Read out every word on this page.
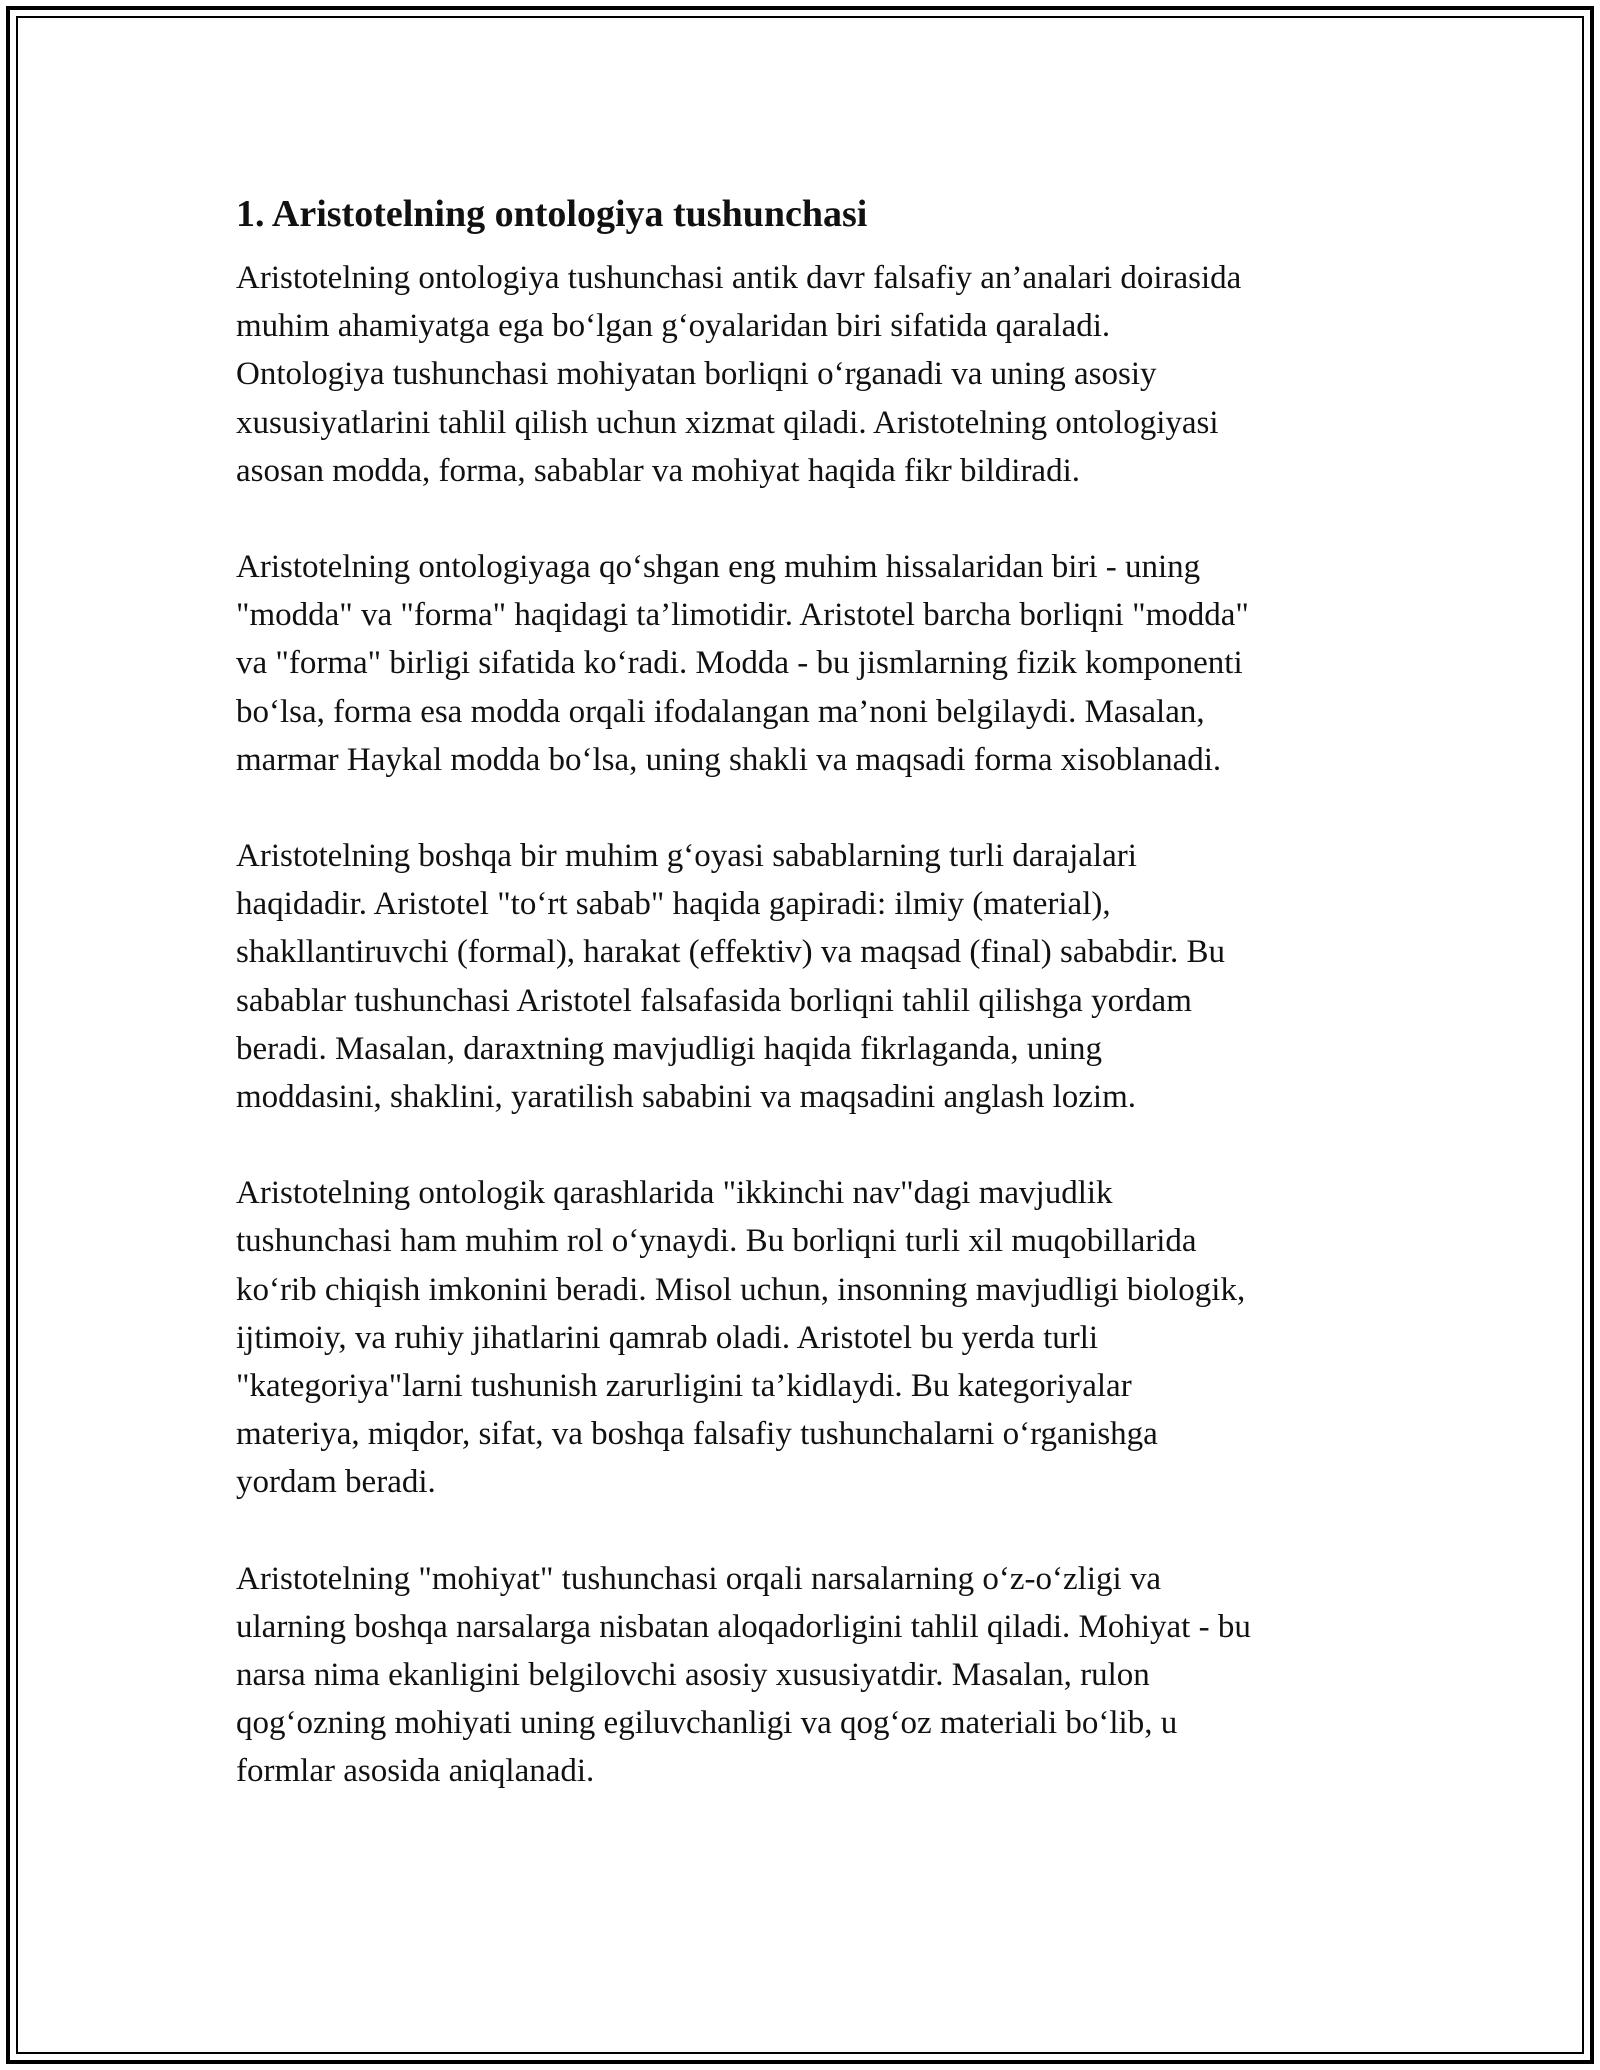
1. Aristotelning ontologiya tushunchasi

Aristotelning ontologiya tushunchasi antik davr falsafiy an’analari doirasida
muhim ahamiyatga ega bo‘lgan g‘oyalaridan biri sifatida qaraladi.
Ontologiya tushunchasi mohiyatan borliqni o‘rganadi va uning asosiy
xususiyatlarini tahlil qilish uchun xizmat qiladi. Aristotelning ontologiyasi
asosan modda, forma, sabablar va mohiyat haqida fikr bildiradi.

Aristotelning ontologiyaga qo‘shgan eng muhim hissalaridan biri - uning
"modda" va "forma" haqidagi ta’limotidir. Aristotel barcha borliqni "modda"
va "forma" birligi sifatida ko‘radi. Modda - bu jismlarning fizik komponenti
bo‘lsa, forma esa modda orqali ifodalangan ma’noni belgilaydi. Masalan,
marmar Haykal modda bo‘lsa, uning shakli va maqsadi forma xisoblanadi.

Aristotelning boshqa bir muhim g‘oyasi sabablarning turli darajalari
haqidadir. Aristotel "to‘rt sabab" haqida gapiradi: ilmiy (material),
shakllantiruvchi (formal), harakat (effektiv) va maqsad (final) sababdir. Bu
sabablar tushunchasi Aristotel falsafasida borliqni tahlil qilishga yordam
beradi. Masalan, daraxtning mavjudligi haqida fikrlaganda, uning
moddasini, shaklini, yaratilish sababini va maqsadini anglash lozim.

Aristotelning ontologik qarashlarida "ikkinchi nav"dagi mavjudlik
tushunchasi ham muhim rol o‘ynaydi. Bu borliqni turli xil muqobillarida
ko‘rib chiqish imkonini beradi. Misol uchun, insonning mavjudligi biologik,
ijtimoiy, va ruhiy jihatlarini qamrab oladi. Aristotel bu yerda turli
"kategoriya"larni tushunish zarurligini ta’kidlaydi. Bu kategoriyalar
materiya, miqdor, sifat, va boshqa falsafiy tushunchalarni o‘rganishga
yordam beradi.

Aristotelning "mohiyat" tushunchasi orqali narsalarning o‘z-o‘zligi va
ularning boshqa narsalarga nisbatan aloqadorligini tahlil qiladi. Mohiyat - bu
narsa nima ekanligini belgilovchi asosiy xususiyatdir. Masalan, rulon
qog‘ozning mohiyati uning egiluvchanligi va qog‘oz materiali bo‘lib, u
formlar asosida aniqlanadi.
